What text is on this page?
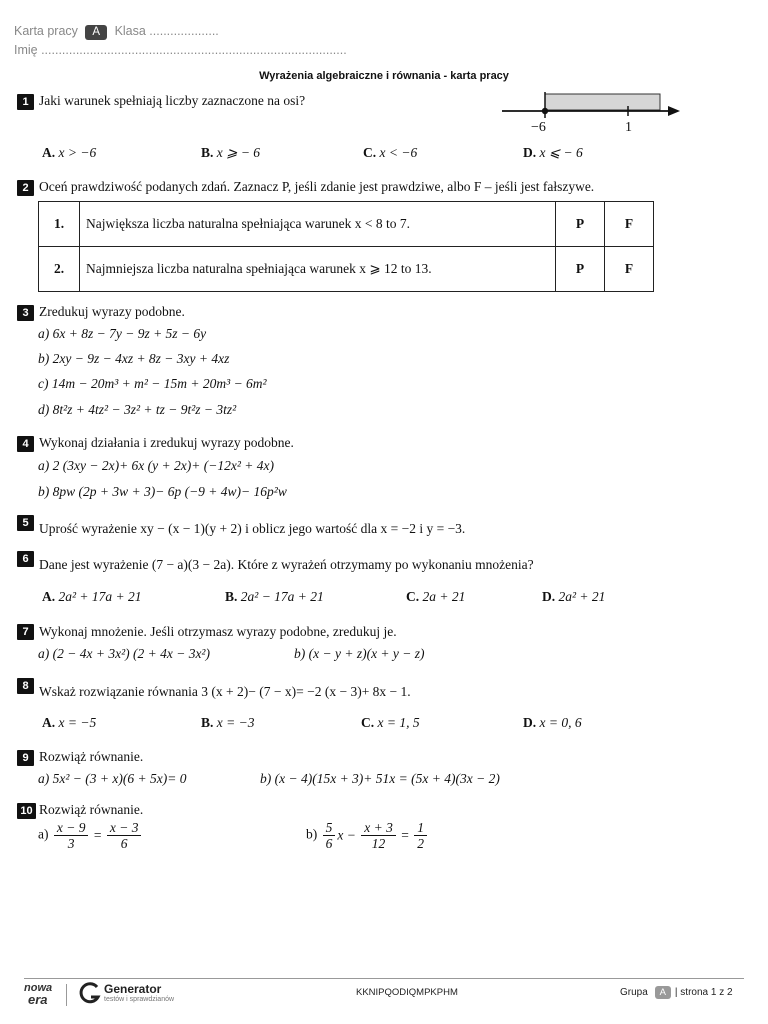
Karta pracy A Klasa ....................
Imię ........................................................................................
Wyrażenia algebraiczne i równania - karta pracy
1 Jaki warunek spełniają liczby zaznaczone na osi?
−6	1
A. x > −6	B. x ⩾ − 6	C. x < −6	D. x ⩽ − 6
2 Oceń prawdziwość podanych zdań. Zaznacz P, jeśli zdanie jest prawdziwe, albo F – jeśli jest fałszywe.
1.	Największa liczba naturalna spełniająca warunek x < 8 to 7.	P	F
2.	Najmniejsza liczba naturalna spełniająca warunek x ⩾ 12 to 13.	P	F
3 Zredukuj wyrazy podobne.
a) 6x + 8z − 7y − 9z + 5z − 6y
b) 2xy − 9z − 4xz + 8z − 3xy + 4xz
c) 14m − 20m³ + m² − 15m + 20m³ − 6m²
d) 8t²z + 4tz² − 3z² + tz − 9t²z − 3tz²
4 Wykonaj działania i zredukuj wyrazy podobne.
a) 2 (3xy − 2x)+ 6x (y + 2x)+ (−12x² + 4x)
b) 8pw (2p + 3w + 3)− 6p (−9 + 4w)− 16p²w
5 Uprość wyrażenie xy − (x − 1)(y + 2) i oblicz jego wartość dla x = −2 i y = −3.
6 Dane jest wyrażenie (7 − a)(3 − 2a). Które z wyrażeń otrzymamy po wykonaniu mnożenia?
A. 2a² + 17a + 21	B. 2a² − 17a + 21	C. 2a + 21	D. 2a² + 21
7 Wykonaj mnożenie. Jeśli otrzymasz wyrazy podobne, zredukuj je.
a) (2 − 4x + 3x²) (2 + 4x − 3x²)	b) (x − y + z)(x + y − z)
8 Wskaż rozwiązanie równania 3 (x + 2)− (7 − x)= −2 (x − 3)+ 8x − 1.
A. x = −5	B. x = −3	C. x = 1, 5	D. x = 0, 6
9 Rozwiąż równanie.
a) 5x² − (3 + x)(6 + 5x)= 0	b) (x − 4)(15x + 3)+ 51x = (5x + 4)(3x − 2)
10 Rozwiąż równanie.
$a) \frac{x - 9}{3} = \frac{x - 3}{6}$	$b) \frac{5}{6}$ $x - \frac{x + 3}{12} = \frac{1}{2}$
nowa
era
Generator
testów i sprawdzianów
KKNIPQODIQMPKPHM	Grupa A | strona 1 z 2
